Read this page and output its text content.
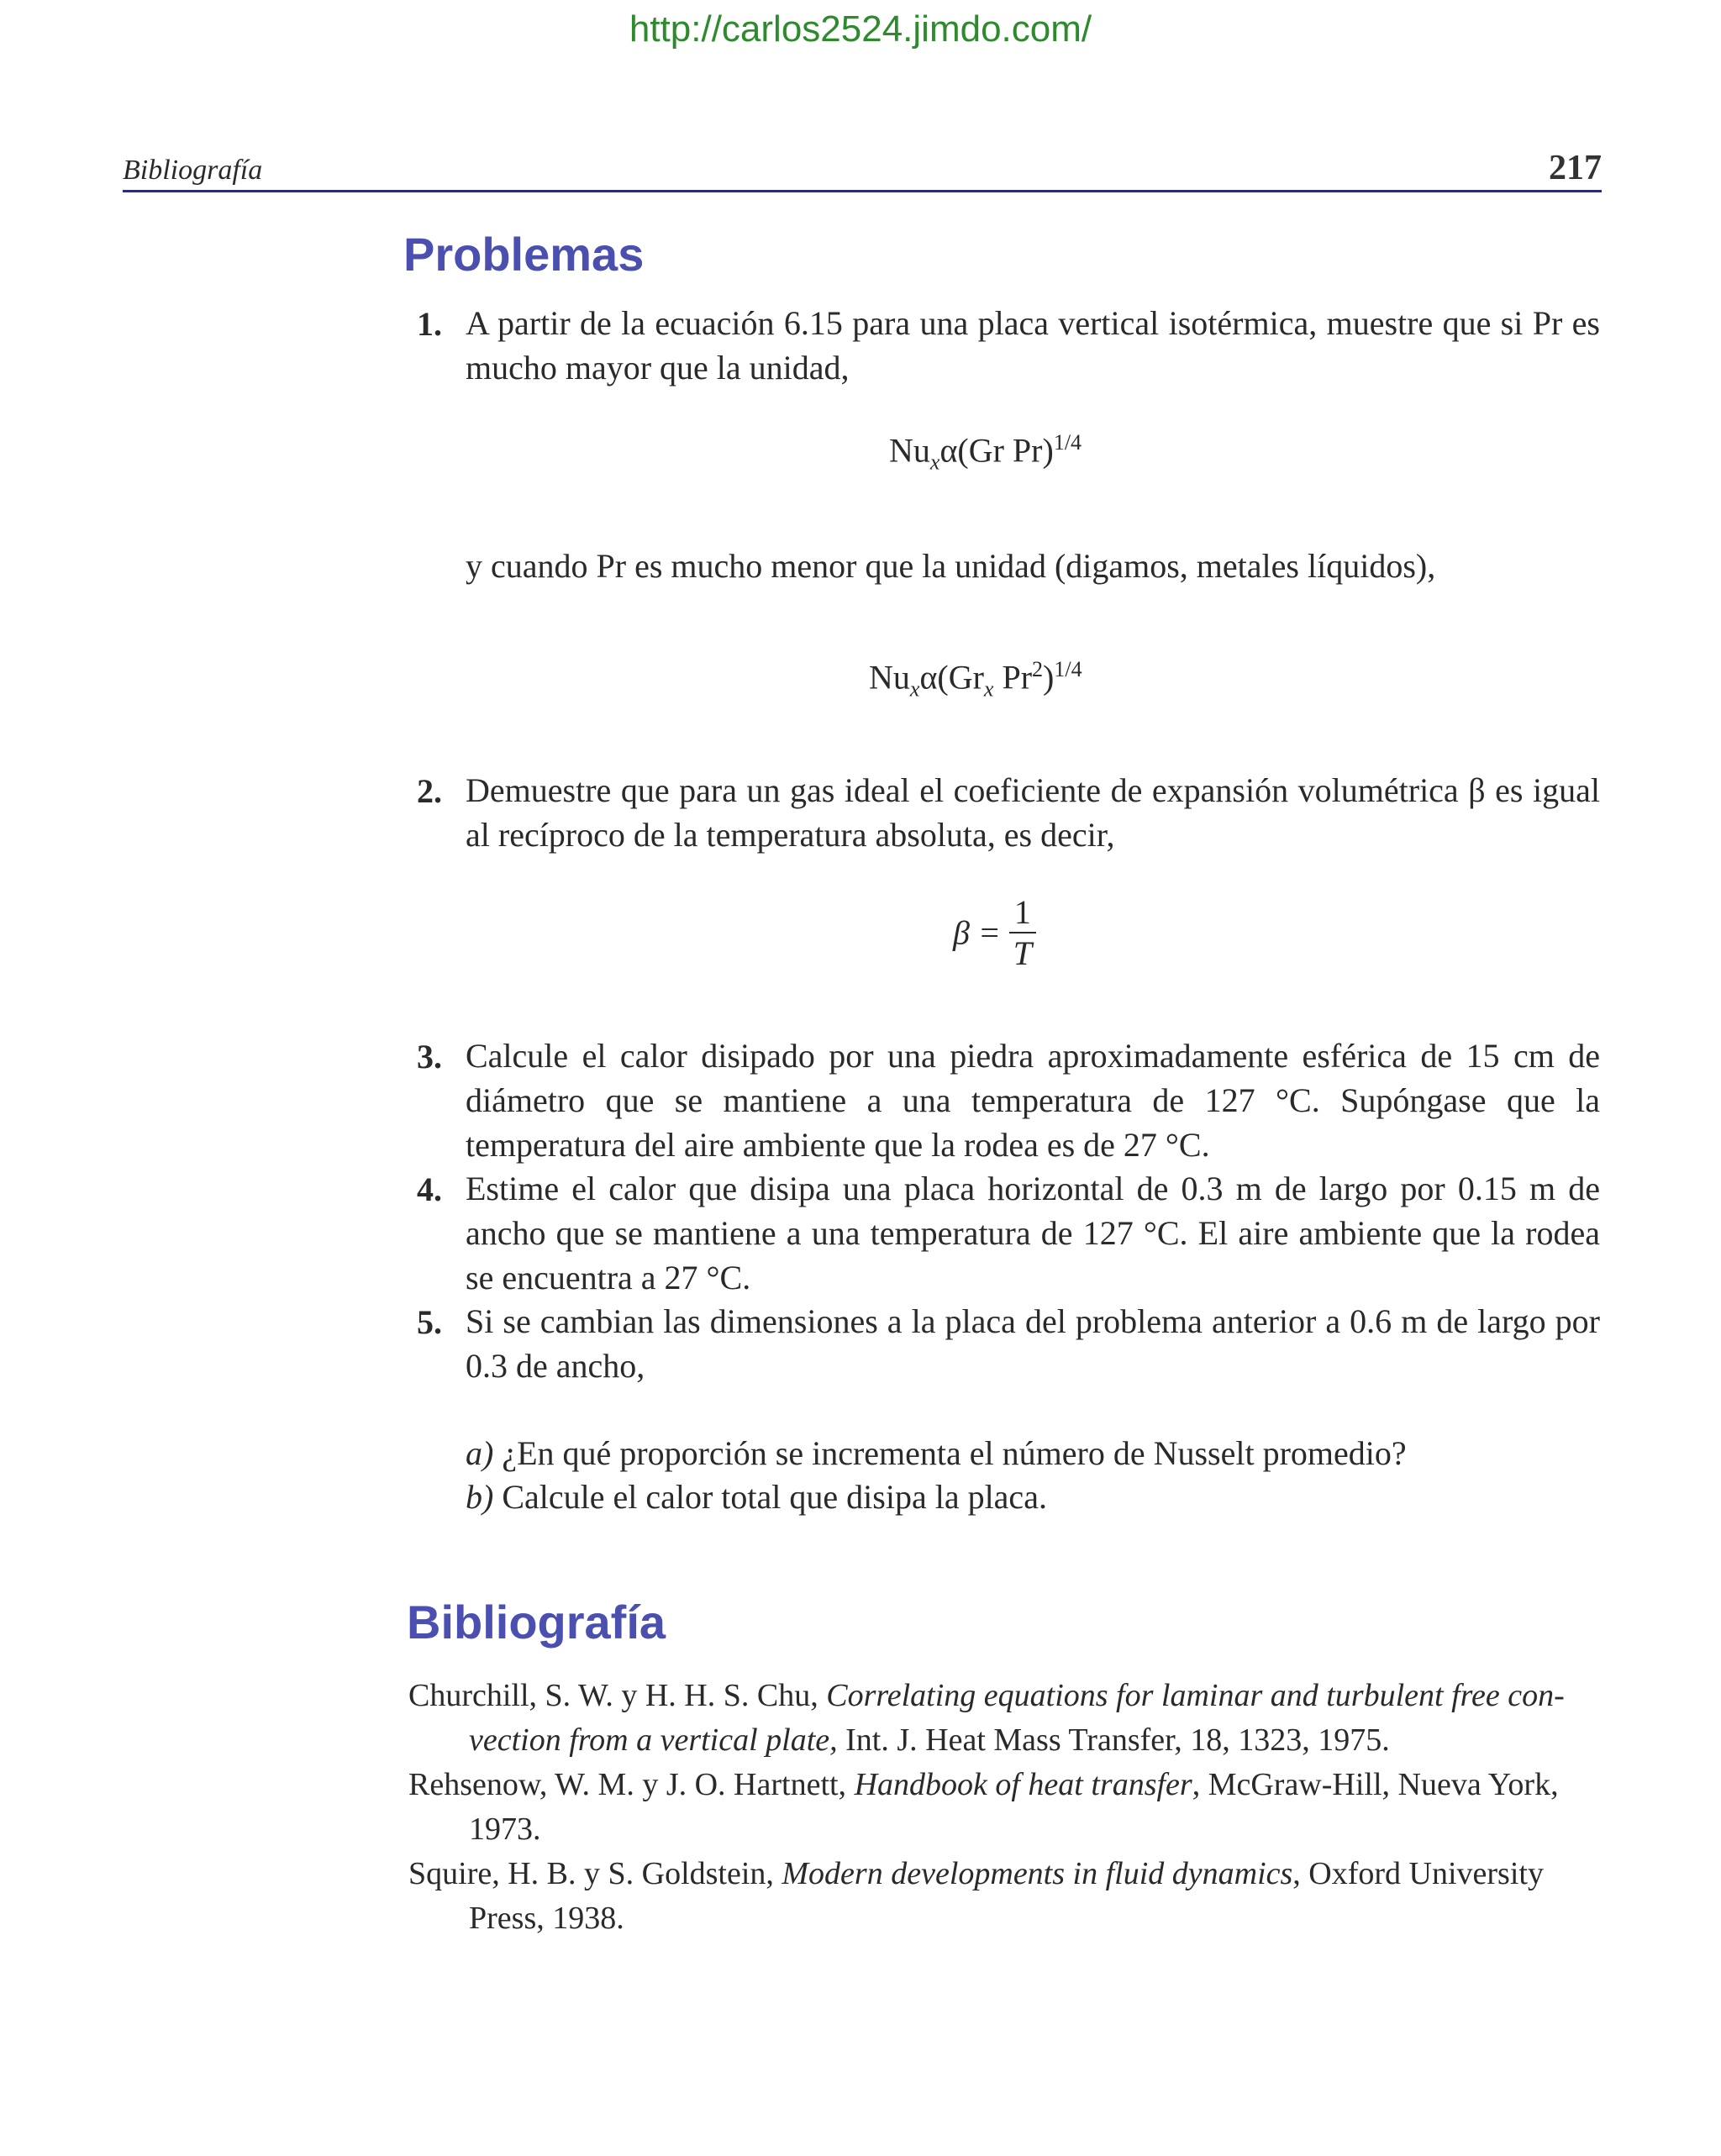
http://carlos2524.jimdo.com/
Bibliografía	217
Problemas
1. A partir de la ecuación 6.15 para una placa vertical isotérmica, muestre que si Pr es mucho mayor que la unidad,
$Nu_x\alpha(Gr$ Pr)$^{1/4}$
y cuando Pr es mucho menor que la unidad (digamos, metales líquidos),
$Nu_x\alpha(Gr_x$ Pr$^2$)$^{1/4}$
2. Demuestre que para un gas ideal el coeficiente de expansión volumétrica β es igual al recíproco de la temperatura absoluta, es decir,
$\beta = \frac{1}{T}$
3. Calcule el calor disipado por una piedra aproximadamente esférica de 15 cm de diámetro que se mantiene a una temperatura de 127 °C. Supóngase que la temperatura del aire ambiente que la rodea es de 27 °C.
4. Estime el calor que disipa una placa horizontal de 0.3 m de largo por 0.15 m de ancho que se mantiene a una temperatura de 127 °C. El aire ambiente que la rodea se encuentra a 27 °C.
5. Si se cambian las dimensiones a la placa del problema anterior a 0.6 m de largo por 0.3 de ancho,
a) ¿En qué proporción se incrementa el número de Nusselt promedio?
b) Calcule el calor total que disipa la placa.
Bibliografía
Churchill, S. W. y H. H. S. Chu, Correlating equations for laminar and turbulent free con-
vection from a vertical plate, Int. J. Heat Mass Transfer, 18, 1323, 1975.
Rehsenow, W. M. y J. O. Hartnett, Handbook of heat transfer, McGraw-Hill, Nueva York,
1973.
Squire, H. B. y S. Goldstein, Modern developments in fluid dynamics, Oxford University
Press, 1938.
